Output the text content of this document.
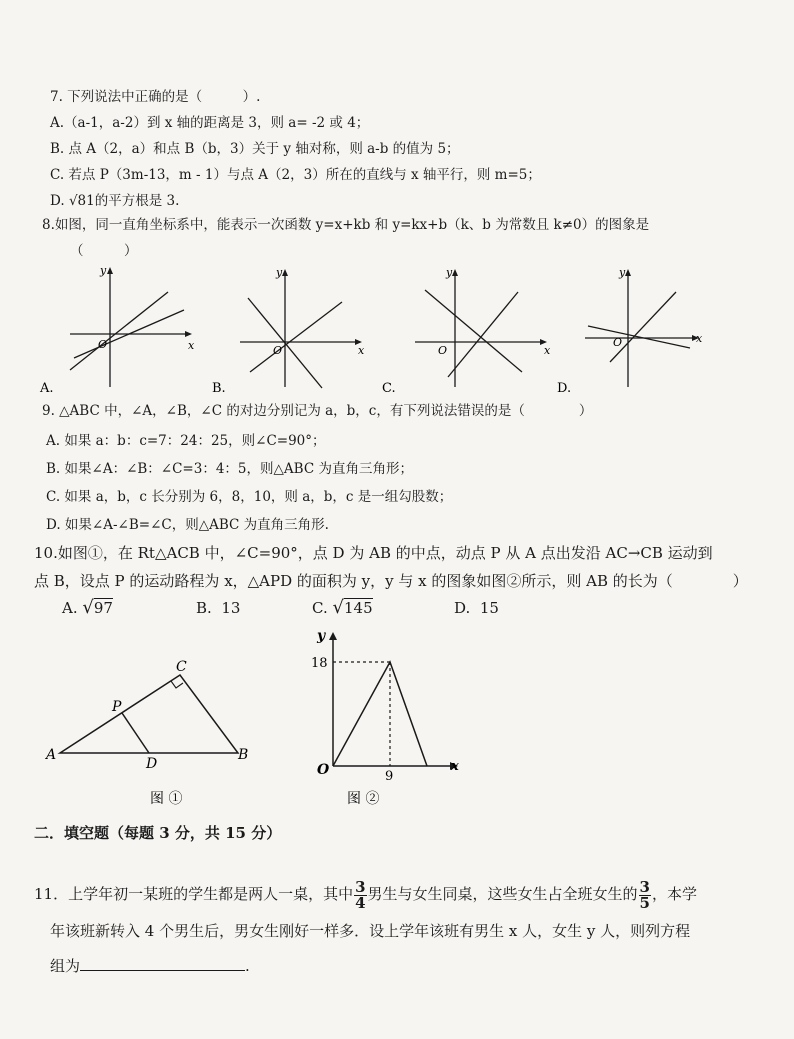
7. 下列说法中正确的是（　　　）.
A.（a-1，a-2）到 x 轴的距离是 3，则 a= -2 或 4；
B. 点 A（2，a）和点 B（b，3）关于 y 轴对称，则 a-b 的值为 5；
C. 若点 P（3m-13，m - 1）与点 A（2，3）所在的直线与 x 轴平行，则 m=5；
D. √81的平方根是 3.
8.如图，同一直角坐标系中，能表示一次函数 y=x+kb 和 y=kx+b（k、b 为常数且 k≠0）的图象是
（　　　）
y
x
O
A.
y
x
O
B.
y
x
O
C.
y
x
O
D.
9. △ABC 中，∠A，∠B，∠C 的对边分别记为 a，b，c，有下列说法错误的是（　　　　）
A. 如果 a：b：c=7：24：25，则∠C=90°；
B. 如果∠A：∠B：∠C=3：4：5，则△ABC 为直角三角形；
C. 如果 a，b，c 长分别为 6，8，10，则 a，b，c 是一组勾股数；
D. 如果∠A-∠B=∠C，则△ABC 为直角三角形.
10.如图①，在 Rt△ACB 中，∠C=90°，点 D 为 AB 的中点，动点 P 从 A 点出发沿 AC→CB 运动到
点 B，设点 P 的运动路程为 x，△APD 的面积为 y，y 与 x 的图象如图②所示，则 AB 的长为（　　　　）
A. √97	B. 13	C. √145	D. 15
A	B
C
D
P
图 ①
y
x
O
18
9
图 ②
二．填空题（每题 3 分，共 15 分）
11．上学年初一某班的学生都是两人一桌，其中 $\frac{3}{4}$ 男生与女生同桌，这些女生占全班女生的 $\frac{3}{5}$ ，本学
年该班新转入 4 个男生后，男女生刚好一样多．设上学年该班有男生 x 人，女生 y 人，则列方程
组为	.
